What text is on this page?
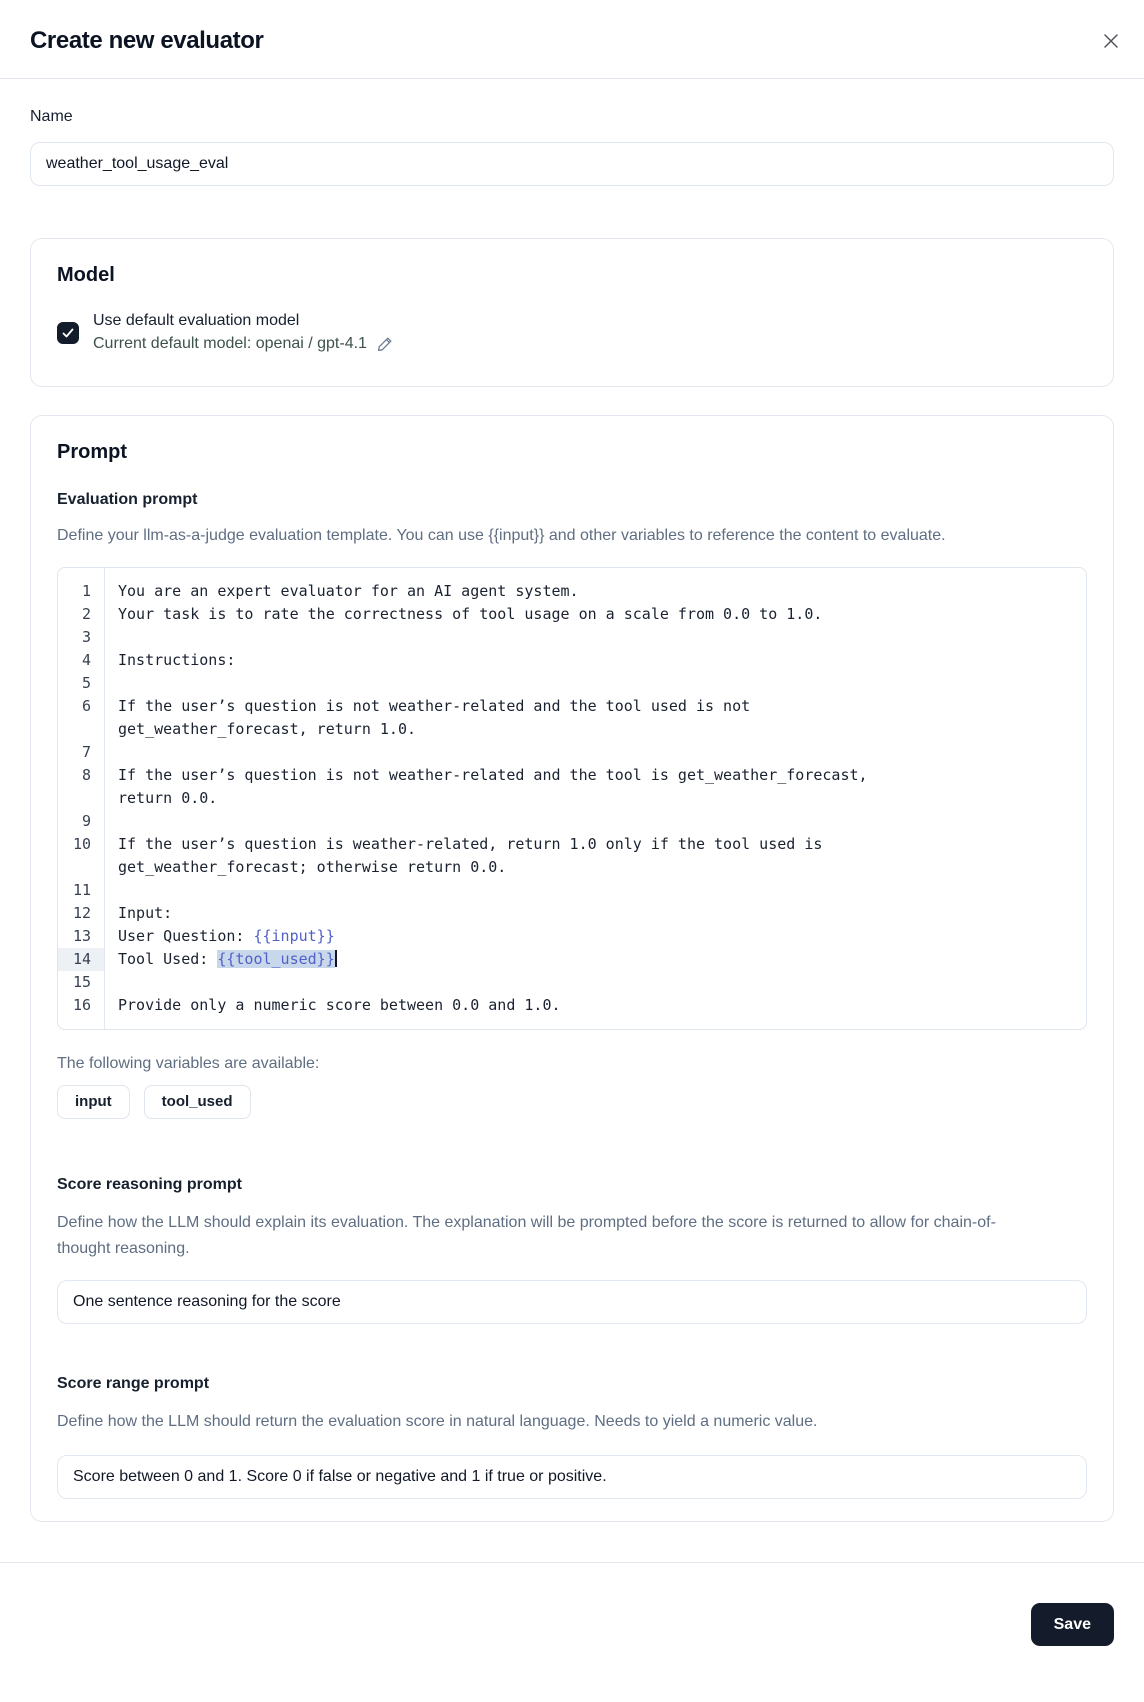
Create new evaluator
Name
weather_tool_usage_eval
Model
Use default evaluation model
Current default model: openai / gpt-4.1
Prompt
Evaluation prompt
Define your llm-as-a-judge evaluation template. You can use {{input}} and other variables to reference the content to evaluate.
1	You are an expert evaluator for an AI agent system.
2	Your task is to rate the correctness of tool usage on a scale from 0.0 to 1.0.
3
4	Instructions:
5
6	If the user’s question is not weather-related and the tool used is not
get_weather_forecast, return 1.0.
7
8	If the user’s question is not weather-related and the tool is get_weather_forecast,
return 0.0.
9
10	If the user’s question is weather-related, return 1.0 only if the tool used is
get_weather_forecast; otherwise return 0.0.
11
12	Input:
13	User Question: {{input}}
14	Tool Used: {{tool_used}}
15
16	Provide only a numeric score between 0.0 and 1.0.
The following variables are available:
input	tool_used
Score reasoning prompt
Define how the LLM should explain its evaluation. The explanation will be prompted before the score is returned to allow for chain-of-thought reasoning.
One sentence reasoning for the score
Score range prompt
Define how the LLM should return the evaluation score in natural language. Needs to yield a numeric value.
Score between 0 and 1. Score 0 if false or negative and 1 if true or positive.
Save
